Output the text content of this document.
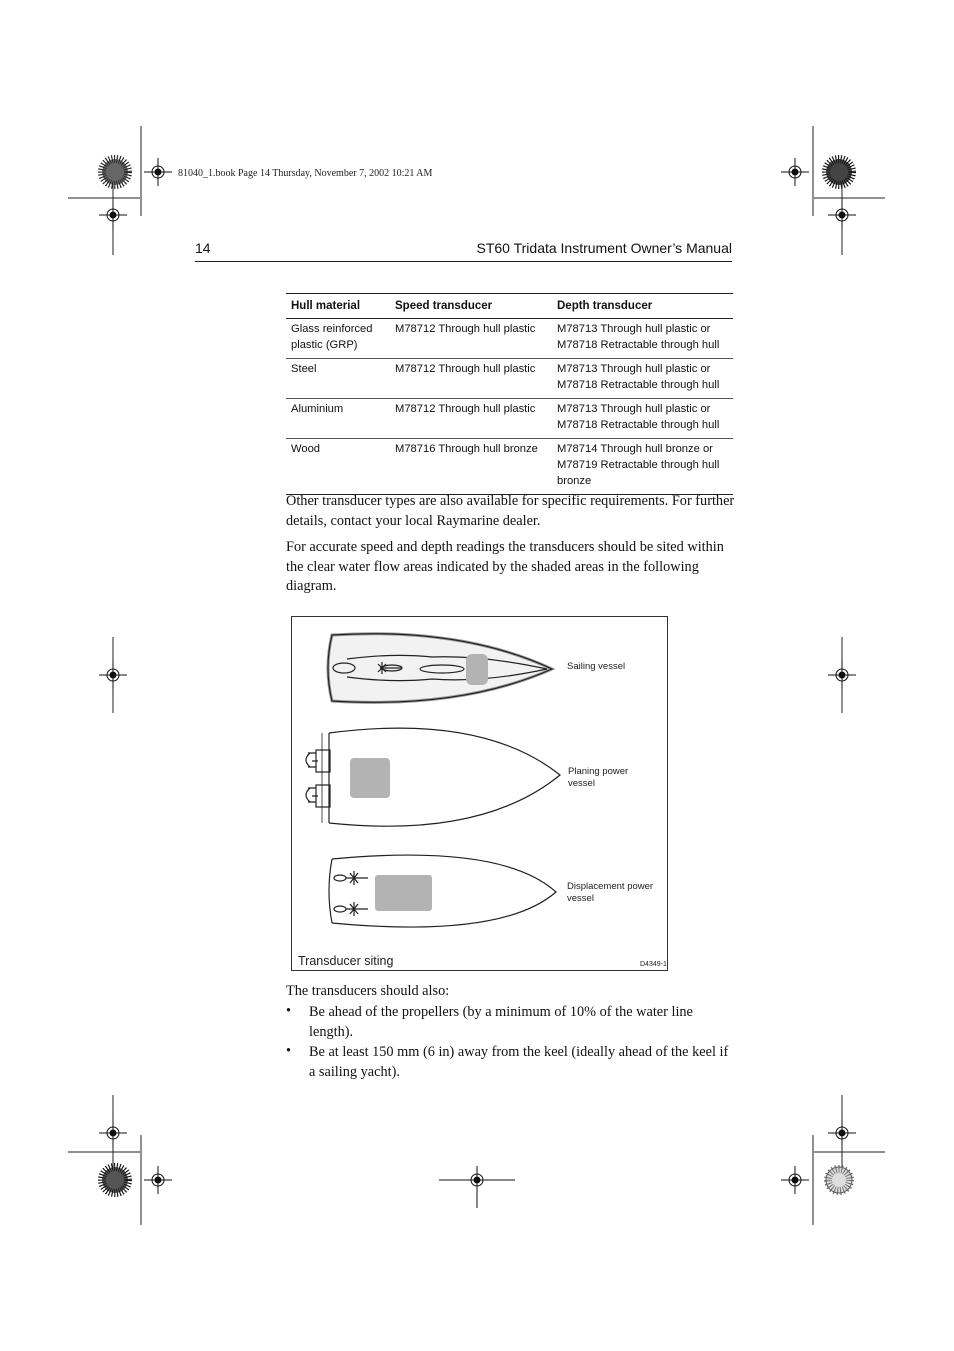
81040_1.book Page 14 Thursday, November 7, 2002 10:21 AM
14	ST60 Tridata Instrument Owner’s Manual
Hull material	Speed transducer	Depth transducer
Glass reinforced plastic (GRP)	M78712 Through hull plastic	M78713 Through hull plastic or M78718 Retractable through hull
Steel	M78712 Through hull plastic	M78713 Through hull plastic or M78718 Retractable through hull
Aluminium	M78712 Through hull plastic	M78713 Through hull plastic or M78718 Retractable through hull
Wood	M78716 Through hull bronze	M78714 Through hull bronze or M78719 Retractable through hull bronze
Other transducer types are also available for specific requirements. For further details, contact your local Raymarine dealer.
For accurate speed and depth readings the transducers should be sited within the clear water flow areas indicated by the shaded areas in the following diagram.
Sailing vessel
Planing power
vessel
Displacement power
vessel
Transducer siting	D4349-1
The transducers should also:
• Be ahead of the propellers (by a minimum of 10% of the water line length).
• Be at least 150 mm (6 in) away from the keel (ideally ahead of the keel if a sailing yacht).
